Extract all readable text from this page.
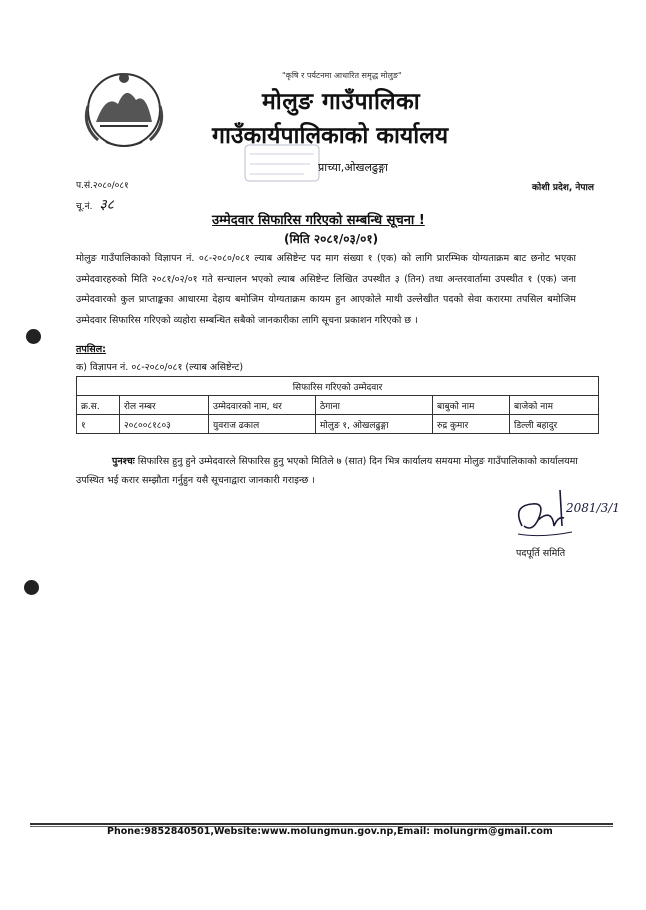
"कृषि र पर्यटनमा आधारित समृद्ध मोलुङ"
मोलुङ गाउँपालिका
गाउँकार्यपालिकाको कार्यालय
प्राच्या,ओखलढुङ्गा
कोशी प्रदेश, नेपाल
प.सं.२०८०/०८१
चू.नं. ३८
उम्मेदवार सिफारिस गरिएको सम्बन्धि सूचना !
(मिति २०८१/०३/०१)
मोलुङ गाउँपालिकाको विज्ञापन नं. ०८-२०८०/०८१ ल्याब असिष्टेन्ट पद माग संख्या १ (एक) को लागि प्रारम्भिक योग्यताक्रम बाट छनोट भएका उम्मेदवारहरुको मिति २०८१/०२/०१ गते सन्चालन भएको ल्याब असिष्टेन्ट लिखित उपस्थीत ३ (तिन) तथा अन्तरवार्तामा उपस्थीत १ (एक) जना उम्मेदवारको कुल प्राप्ताङ्कका आधारमा देहाय बमोजिम योग्यताक्रम कायम हुन आएकोले माथी उल्लेखीत पदको सेवा करारमा तपसिल बमोजिम उम्मेदवार सिफारिस गरिएको व्यहोरा सम्बन्धित सबैको जानकारीका लागि सूचना प्रकाशन गरिएको छ ।
तपसिल:
क) विज्ञापन नं. ०८-२०८०/०८१ (ल्याब असिष्टेन्ट)
सिफारिस गरिएको उम्मेदवार					
क्र.स.	रोल नम्बर	उम्मेदवारको नाम, थर	ठेगाना	बाबुको नाम	बाजेको नाम
१	२०८००८१८०३	युवराज ढकाल	मोलुङ १, ओखलढुङ्गा	रुद्र कुमार	डिल्ली बहादुर
पुनश्चः सिफारिस हुनु हुने उम्मेदवारले सिफारिस हुनु भएको मितिले ७ (सात) दिन भित्र कार्यालय समयमा मोलुङ गाउँपालिकाको कार्यालयमा उपस्थित भई करार सम्झौता गर्नुहुन यसै सूचनाद्वारा जानकारी गराइन्छ ।
2081/3/1
पदपूर्ति समिति
Phone:9852840501,Website:www.molungmun.gov.np,Email: molungrm@gmail.com
